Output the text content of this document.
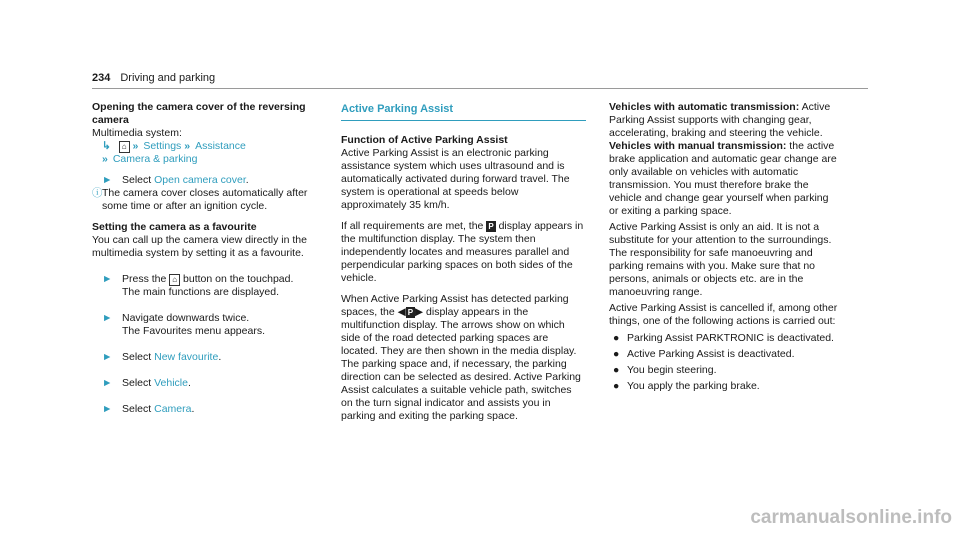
234 Driving and parking

Opening the camera cover of the reversing camera

Multimedia system:

↳ ⌂ » Settings » Assistance
» Camera & parking
► Select Open camera cover.
ⓘ The camera cover closes automatically after some time or after an ignition cycle.

Setting the camera as a favourite

You can call up the camera view directly in the multimedia system by setting it as a favourite.

► Press the ⌂ button on the touchpad.
The main functions are displayed.
► Navigate downwards twice.
The Favourites menu appears.
► Select New favourite.
► Select Vehicle.
► Select Camera.
Active Parking Assist

Function of Active Parking Assist

Active Parking Assist is an electronic parking assistance system which uses ultrasound and is automatically activated during forward travel. The system is operational at speeds below approximately 35 km/h.

If all requirements are met, the P display appears in the multifunction display. The system then independently locates and measures parallel and perpendicular parking spaces on both sides of the vehicle.

When Active Parking Assist has detected parking spaces, the ◀ P ▶ display appears in the multifunction display. The arrows show on which side of the road detected parking spaces are located. They are then shown in the media display. The parking space and, if necessary, the parking direction can be selected as desired. Active Parking Assist calculates a suitable vehicle path, switches on the turn signal indicator and assists you in parking and exiting the parking space.

Vehicles with automatic transmission: Active Parking Assist supports with changing gear, accelerating, braking and steering the vehicle.

Vehicles with manual transmission: the active brake application and automatic gear change are only available on vehicles with automatic transmission. You must therefore brake the vehicle and change gear yourself when parking or exiting a parking space.

Active Parking Assist is only an aid. It is not a substitute for your attention to the surroundings. The responsibility for safe manoeuvring and parking remains with you. Make sure that no persons, animals or objects etc. are in the manoeuvring range.

Active Parking Assist is cancelled if, among other things, one of the following actions is carried out:

● Parking Assist PARKTRONIC is deactivated.
● Active Parking Assist is deactivated.
● You begin steering.
● You apply the parking brake.
carmanualsonline.info
